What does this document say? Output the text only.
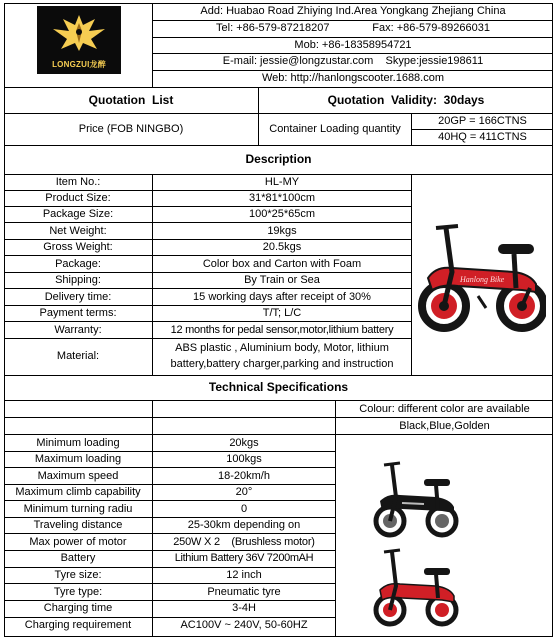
LONGZUI龙醉
Add: Huabao Road Zhiying Ind.Area Yongkang Zhejiang China
Tel: +86-579-87218207              Fax: +86-579-89266031
Mob: +86-18358954721
E-mail: jessie@longzustar.com    Skype:jessie198611
Web: http://hanlongscooter.1688.com
Quotation  List	Quotation  Validity:  30days
Price (FOB NINGBO)	Container Loading quantity
20GP = 166CTNS
40HQ = 411CTNS
Description
Item No.:	HL-MY
Product Size:	31*81*100cm
Package Size:	100*25*65cm
Net Weight:	19kgs
Gross Weight:	20.5kgs
Package:	Color box and Carton with Foam
Shipping:	By Train or Sea
Delivery time:	15 working days after receipt of 30%
Payment terms:	T/T; L/C
Warranty:	12 months for pedal sensor,motor,lithium battery
Material:
ABS plastic , Aluminium body, Motor, lithium
battery,battery charger,parking and instruction
Hanlong Bike
Technical Specifications
Colour: different color are available
Black,Blue,Golden
Minimum loading	20kgs
Maximum loading	100kgs
Maximum speed	18-20km/h
Maximum climb capability	20°
Minimum turning radiu	0
Traveling distance	25-30km depending on
Max power of motor	250W X 2    (Brushless motor)
Battery	Lithium Battery 36V 7200mAH
Tyre size:	12 inch
Tyre type:	Pneumatic tyre
Charging time	3-4H
Charging requirement	AC100V ~ 240V, 50-60HZ
